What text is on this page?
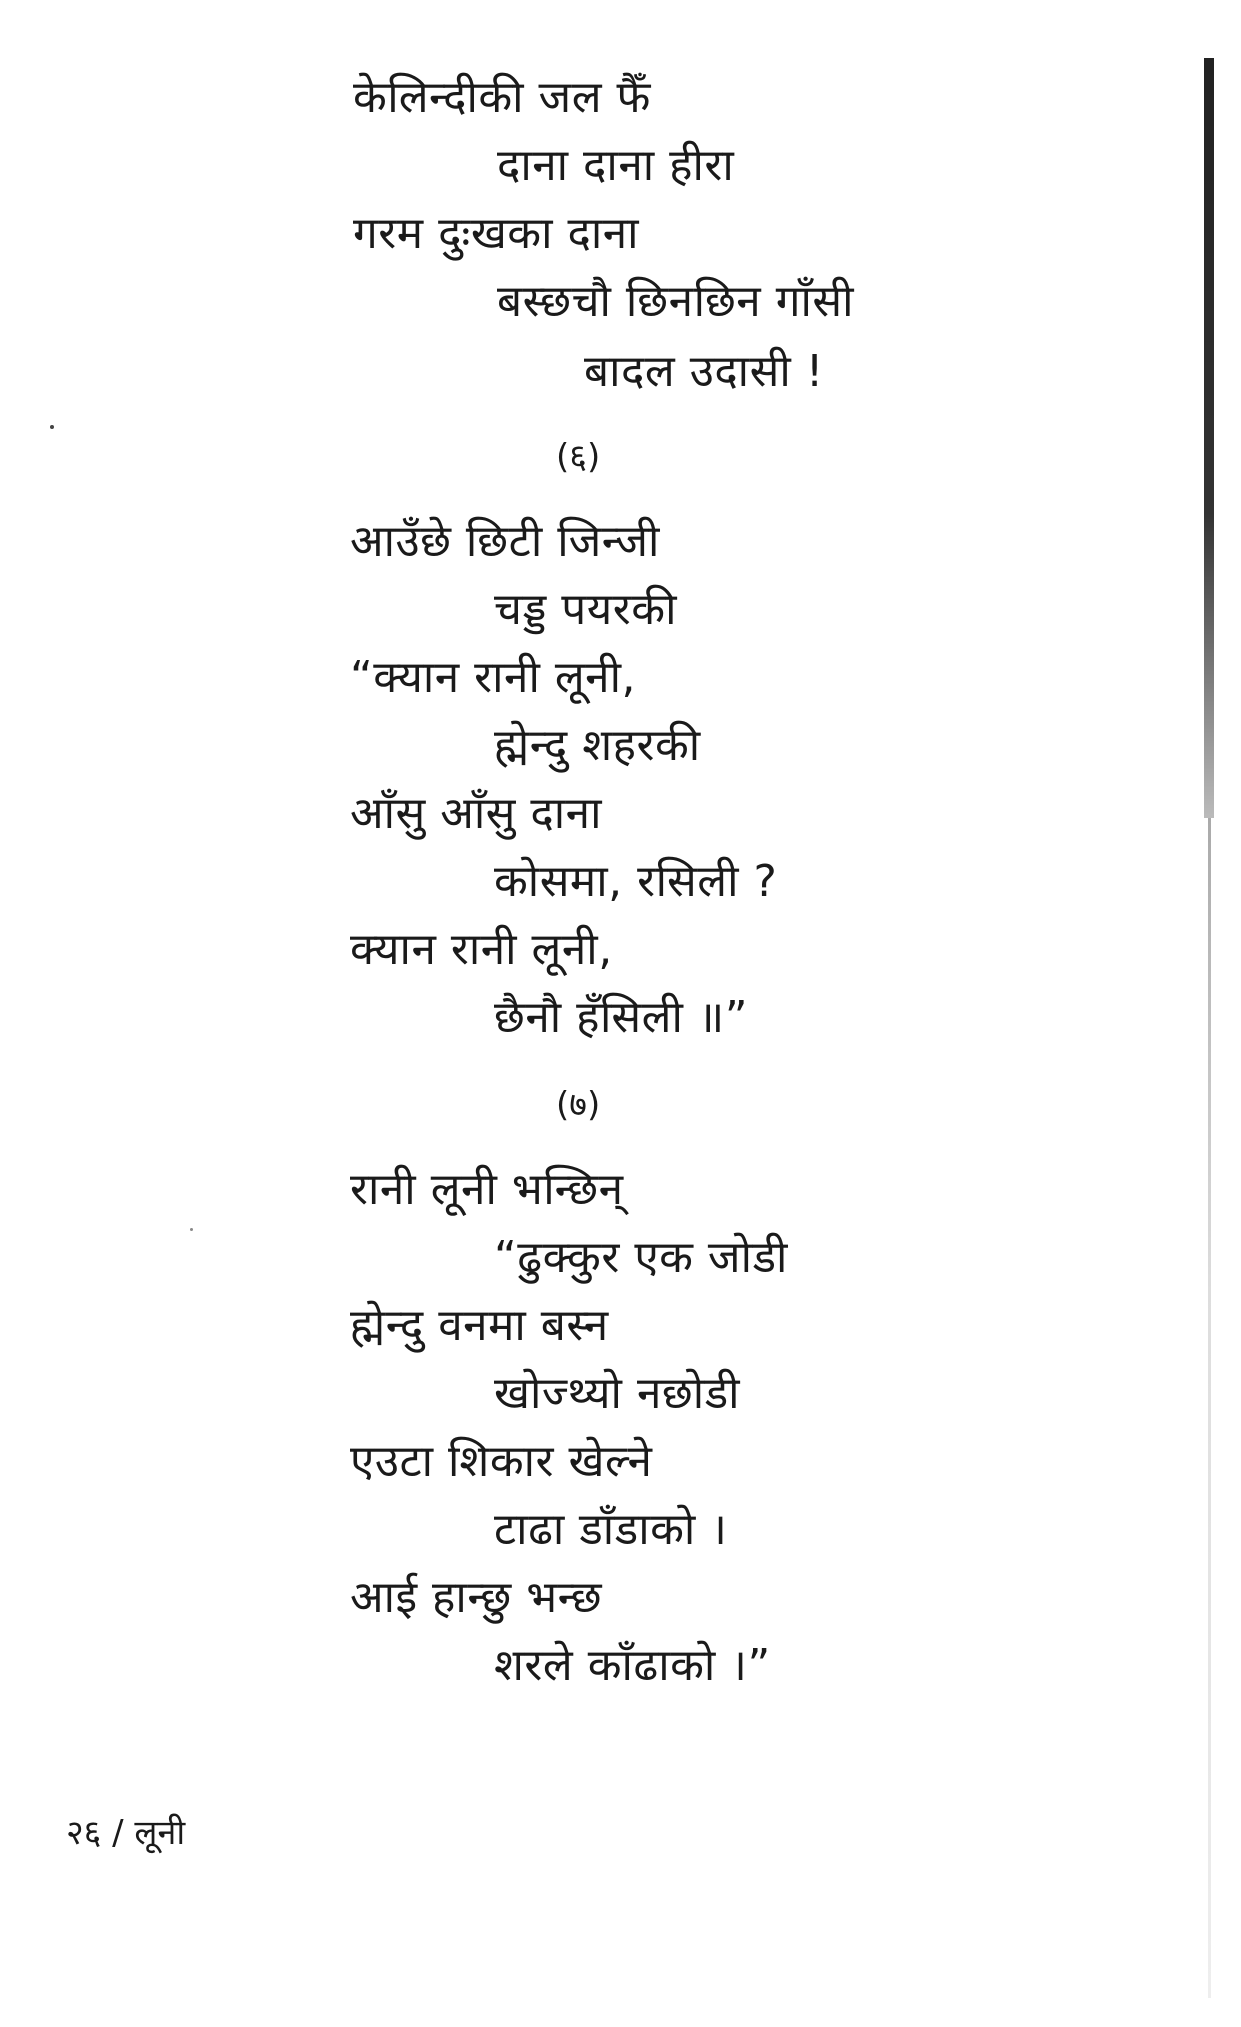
केलिन्दीकी जल फैँ
दाना दाना हीरा
गरम दुःखका दाना
बस्छचौ छिनछिन गाँसी
बादल उदासी !
(६)
आउँछे छिटी जिन्जी
चड्ड पयरकी
“क्यान रानी लूनी,
ह्मेन्दु शहरकी
आँसु आँसु दाना
कोसमा, रसिली ?
क्यान रानी लूनी,
छैनौ हँसिली ॥”
(७)
रानी लूनी भन्छिन्
“ढुक्कुर एक जोडी
ह्मेन्दु वनमा बस्न
खोज्थ्यो नछोडी
एउटा शिकार खेल्ने
टाढा डाँडाको ।
आई हान्छु भन्छ
शरले काँढाको ।”
२६ / लूनी
